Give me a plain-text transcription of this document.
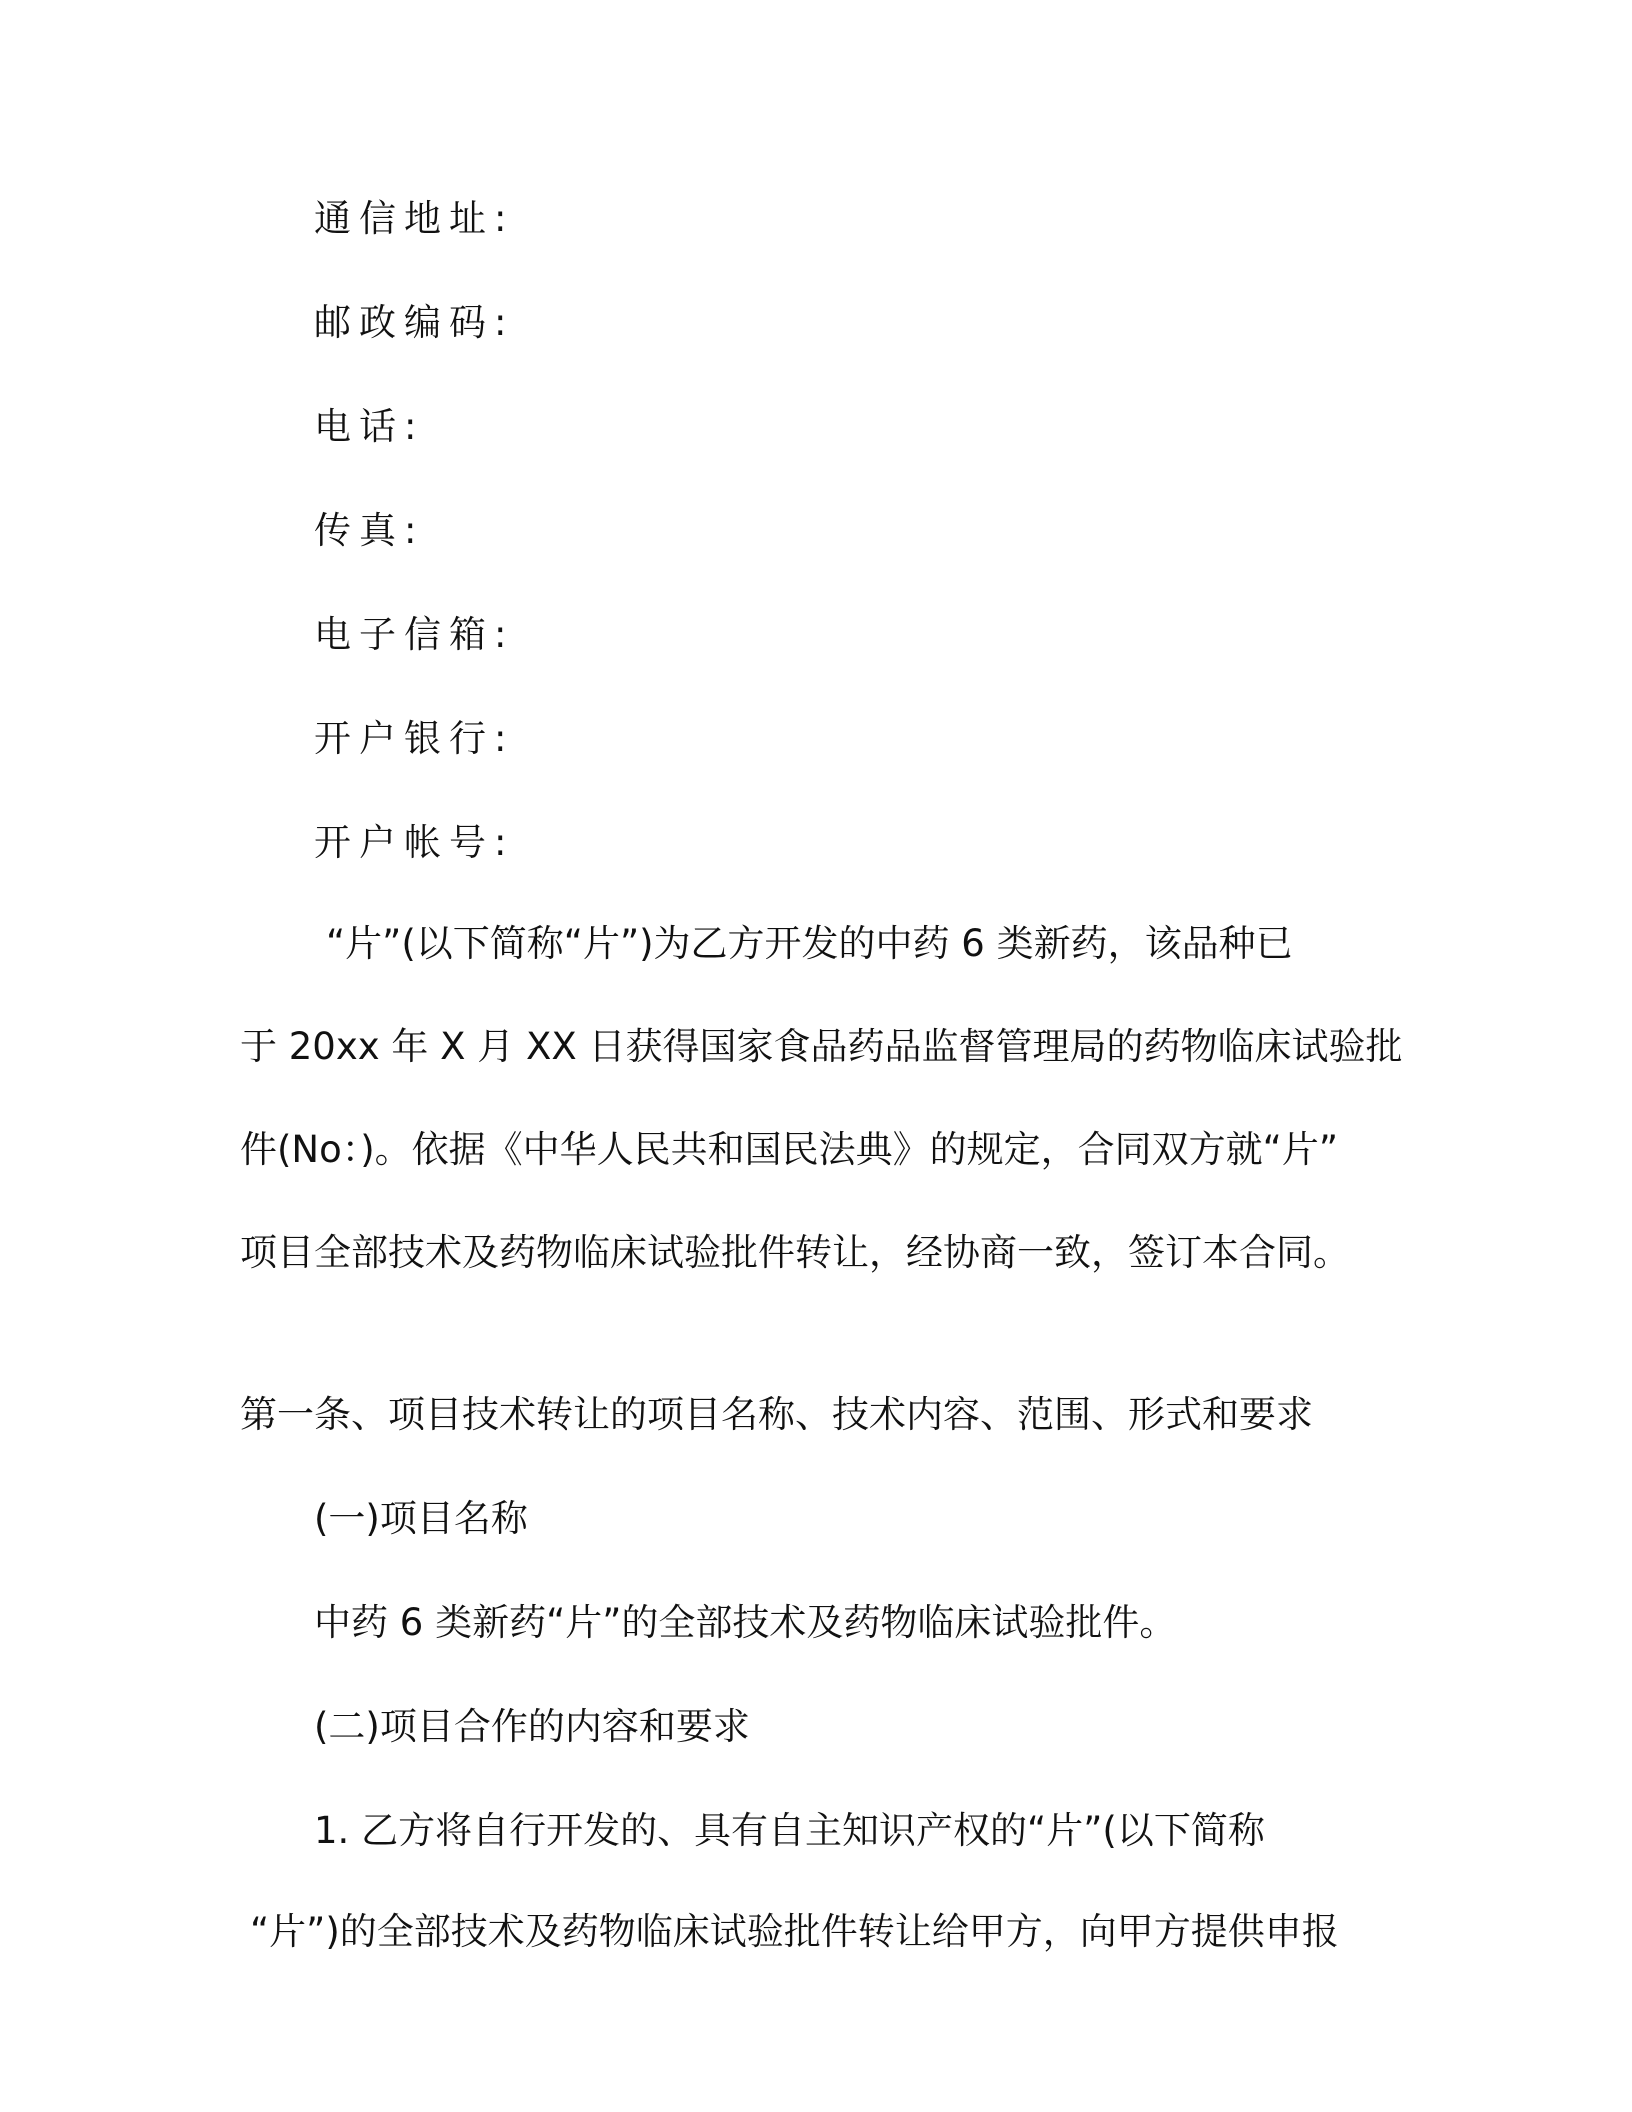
通信地址:
邮政编码:
电话:
传真:
电子信箱:
开户银行:
开户帐号:
“片”(以下简称“片”)为乙方开发的中药 6 类新药，该品种已
于 20xx 年 X 月 XX 日获得国家食品药品监督管理局的药物临床试验批
件(No：)。依据《中华人民共和国民法典》的规定，合同双方就“片”
项目全部技术及药物临床试验批件转让，经协商一致，签订本合同。
第一条、项目技术转让的项目名称、技术内容、范围、形式和要求
(一)项目名称
中药 6 类新药“片”的全部技术及药物临床试验批件。
(二)项目合作的内容和要求
1. 乙方将自行开发的、具有自主知识产权的“片”(以下简称
“片”)的全部技术及药物临床试验批件转让给甲方，向甲方提供申报
